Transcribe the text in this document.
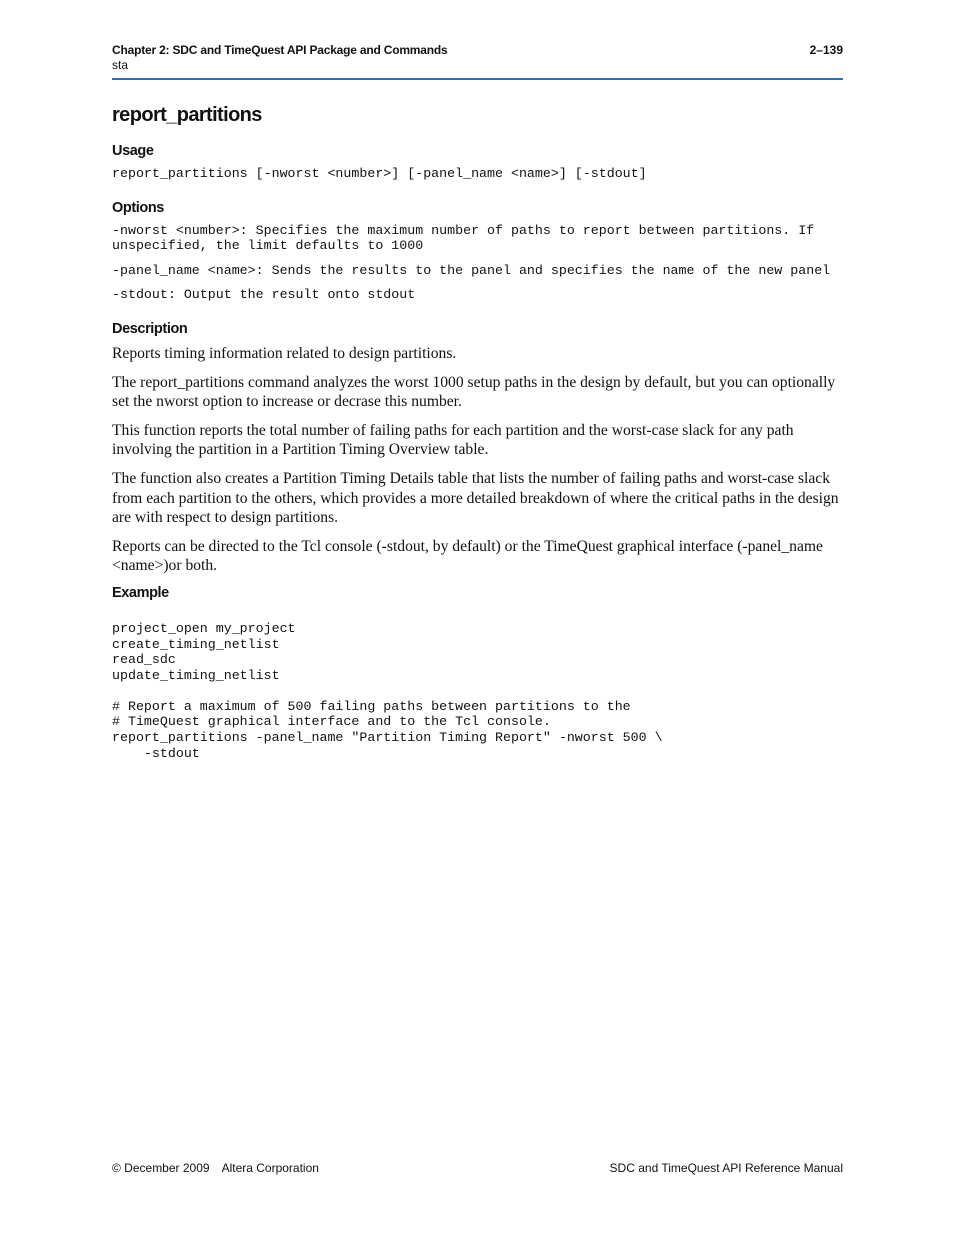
Chapter 2: SDC and TimeQuest API Package and Commands	2–139
sta
report_partitions
Usage
report_partitions [-nworst <number>] [-panel_name <name>] [-stdout]
Options
-nworst <number>: Specifies the maximum number of paths to report between partitions. If unspecified, the limit defaults to 1000
-panel_name <name>: Sends the results to the panel and specifies the name of the new panel
-stdout: Output the result onto stdout
Description

Reports timing information related to design partitions.

The report_partitions command analyzes the worst 1000 setup paths in the design by default, but you can optionally set the nworst option to increase or decrase this number.

This function reports the total number of failing paths for each partition and the worst-case slack for any path involving the partition in a Partition Timing Overview table.

The function also creates a Partition Timing Details table that lists the number of failing paths and worst-case slack from each partition to the others, which provides a more detailed breakdown of where the critical paths in the design are with respect to design partitions.

Reports can be directed to the Tcl console (-stdout, by default) or the TimeQuest graphical interface (-panel_name <name>)or both.

Example
project_open my_project
create_timing_netlist
read_sdc
update_timing_netlist
# Report a maximum of 500 failing paths between partitions to the
# TimeQuest graphical interface and to the Tcl console.
report_partitions -panel_name "Partition Timing Report" -nworst 500 \
-stdout
© December 2009 Altera Corporation	SDC and TimeQuest API Reference Manual
